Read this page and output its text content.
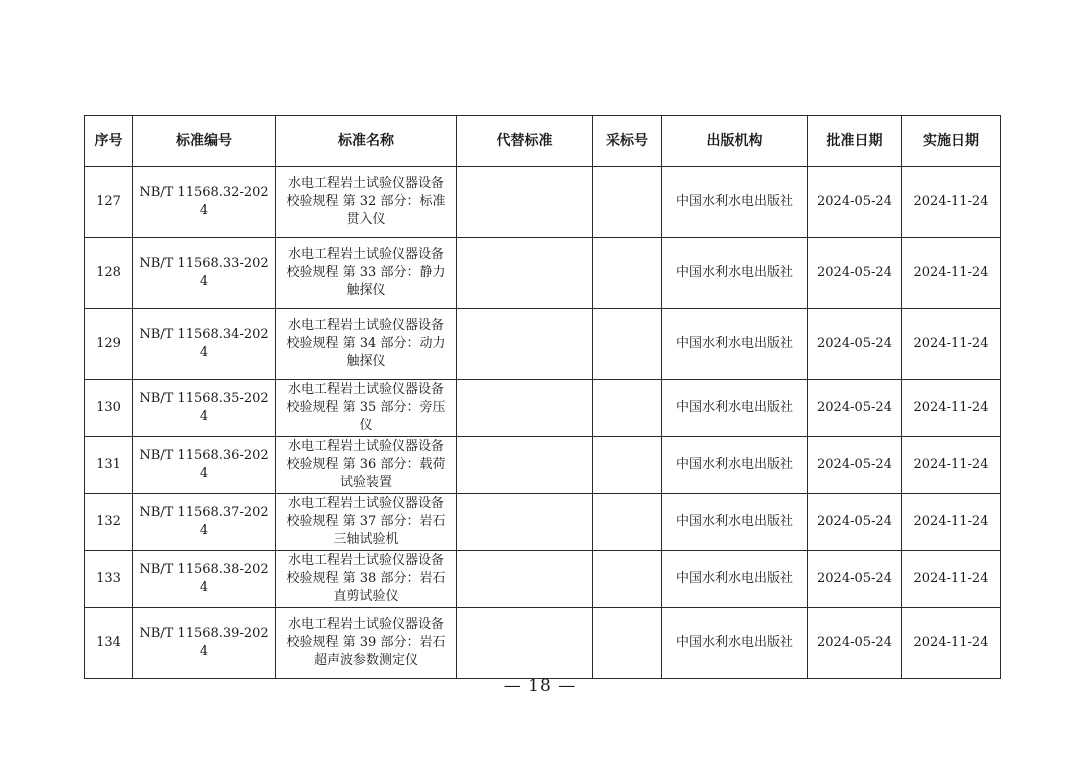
序号	标准编号	标准名称	代替标准	采标号	出版机构	批准日期	实施日期
127	NB/T 11568.32-2024	水电工程岩土试验仪器设备校验规程 第 32 部分：标准贯入仪			中国水利水电出版社	2024-05-24	2024-11-24
128	NB/T 11568.33-2024	水电工程岩土试验仪器设备校验规程 第 33 部分：静力触探仪			中国水利水电出版社	2024-05-24	2024-11-24
129	NB/T 11568.34-2024	水电工程岩土试验仪器设备校验规程 第 34 部分：动力触探仪			中国水利水电出版社	2024-05-24	2024-11-24
130	NB/T 11568.35-2024	水电工程岩土试验仪器设备校验规程 第 35 部分：旁压仪			中国水利水电出版社	2024-05-24	2024-11-24
131	NB/T 11568.36-2024	水电工程岩土试验仪器设备校验规程 第 36 部分：载荷试验装置			中国水利水电出版社	2024-05-24	2024-11-24
132	NB/T 11568.37-2024	水电工程岩土试验仪器设备校验规程 第 37 部分：岩石三轴试验机			中国水利水电出版社	2024-05-24	2024-11-24
133	NB/T 11568.38-2024	水电工程岩土试验仪器设备校验规程 第 38 部分：岩石直剪试验仪			中国水利水电出版社	2024-05-24	2024-11-24
134	NB/T 11568.39-2024	水电工程岩土试验仪器设备校验规程 第 39 部分：岩石超声波参数测定仪			中国水利水电出版社	2024-05-24	2024-11-24
— 18 —
